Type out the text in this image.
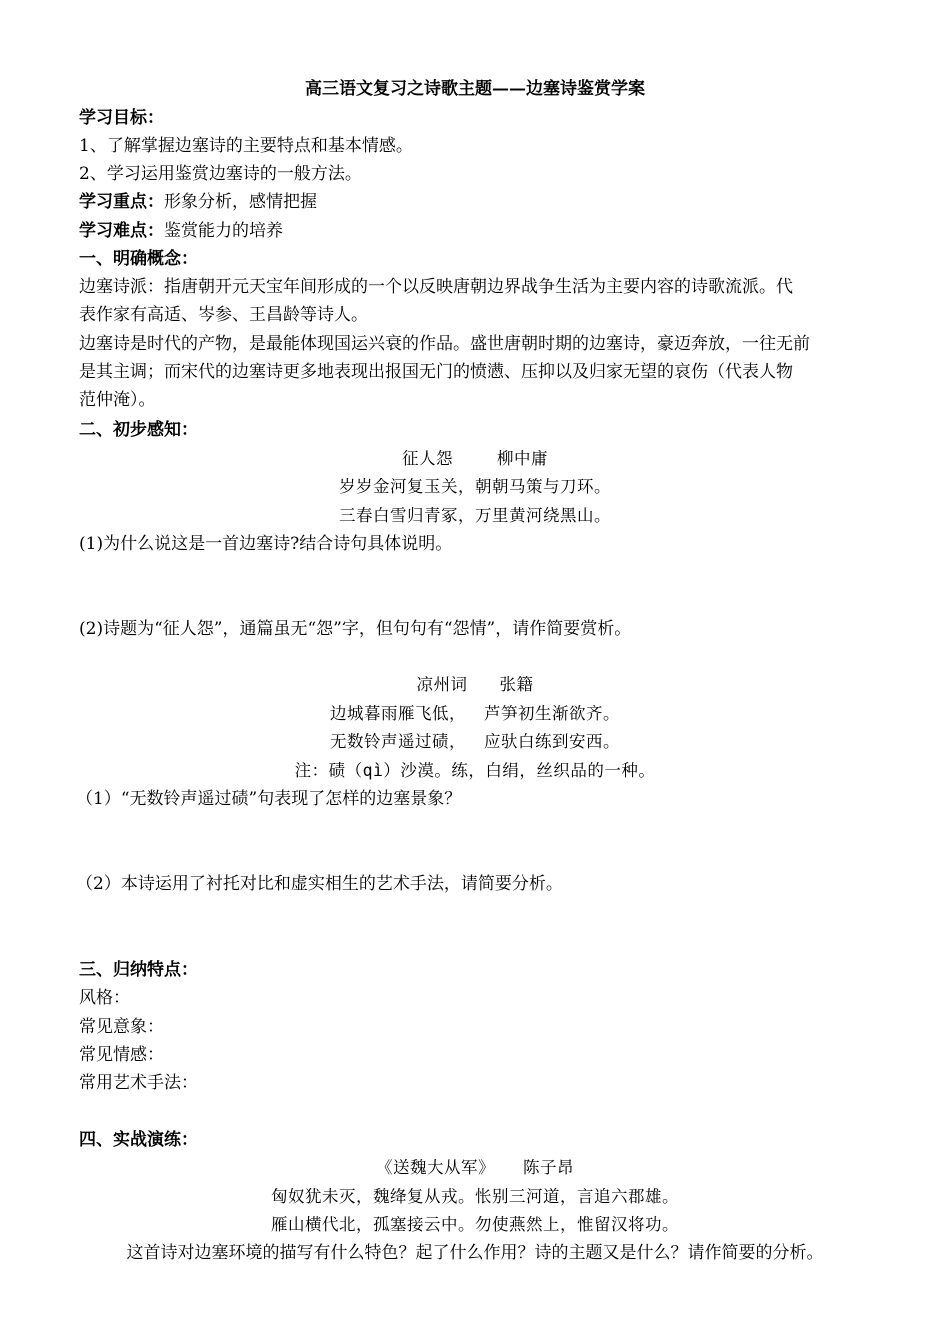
高三语文复习之诗歌主题——边塞诗鉴赏学案
学习目标：
1、了解掌握边塞诗的主要特点和基本情感。
2、学习运用鉴赏边塞诗的一般方法。
学习重点：形象分析，感情把握
学习难点：鉴赏能力的培养
一、明确概念：
边塞诗派：指唐朝开元天宝年间形成的一个以反映唐朝边界战争生活为主要内容的诗歌流派。代
表作家有高适、岑参、王昌龄等诗人。
边塞诗是时代的产物，是最能体现国运兴衰的作品。盛世唐朝时期的边塞诗，豪迈奔放，一往无前
是其主调；而宋代的边塞诗更多地表现出报国无门的愤懑、压抑以及归家无望的哀伤（代表人物
范仲淹）。
二、初步感知：
征人怨	柳中庸
岁岁金河复玉关，朝朝马策与刀环。
三春白雪归青冢，万里黄河绕黑山。
(1)为什么说这是一首边塞诗?结合诗句具体说明。
(2)诗题为“征人怨”，通篇虽无“怨”字，但句句有“怨情”，请作简要赏析。
凉州词 张籍
边城暮雨雁飞低， 芦笋初生渐欲齐。
无数铃声遥过碛， 应驮白练到安西。
注：碛（qì）沙漠。练，白绢，丝织品的一种。
（1）“无数铃声遥过碛”句表现了怎样的边塞景象？
（2）本诗运用了衬托对比和虚实相生的艺术手法，请简要分析。
三、归纳特点：
风格：
常见意象：
常见情感：
常用艺术手法：
四、实战演练：
《送魏大从军》 陈子昂
匈奴犹未灭，魏绛复从戎。怅别三河道，言追六郡雄。
雁山横代北，孤塞接云中。勿使燕然上，惟留汉将功。
这首诗对边塞环境的描写有什么特色？起了什么作用？诗的主题又是什么？请作简要的分析。
